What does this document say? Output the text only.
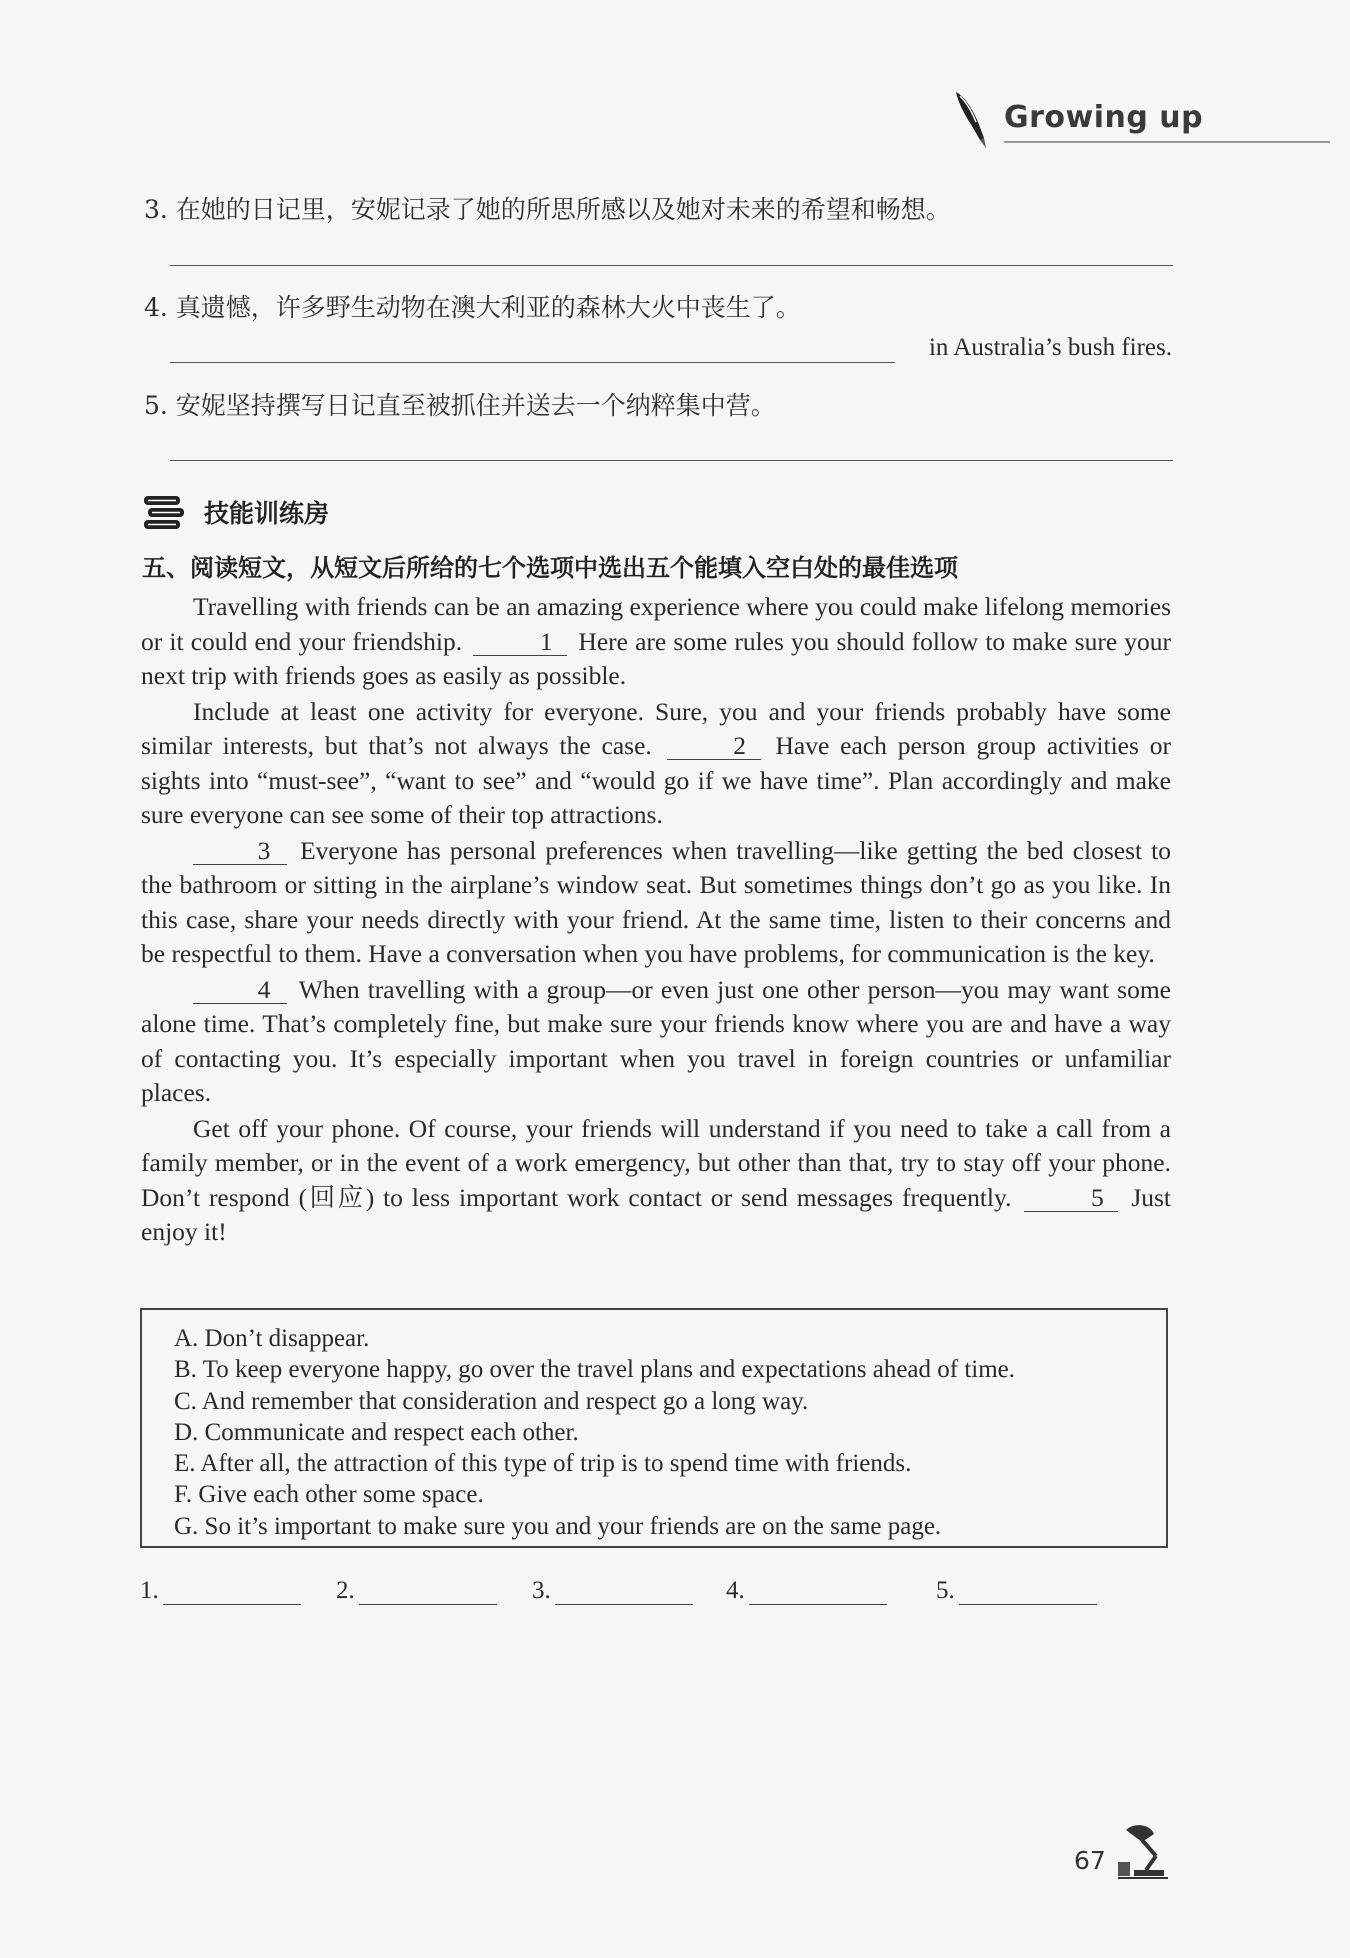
Growing up
3. 在她的日记里，安妮记录了她的所思所感以及她对未来的希望和畅想。
4. 真遗憾，许多野生动物在澳大利亚的森林大火中丧生了。
in Australia’s bush fires.
5. 安妮坚持撰写日记直至被抓住并送去一个纳粹集中营。
技能训练房
五、阅读短文，从短文后所给的七个选项中选出五个能填入空白处的最佳选项

Travelling with friends can be an amazing experience where you could make lifelong memories or it could end your friendship.	1 Here are some rules you should follow to make sure your next trip with friends goes as easily as possible.

Include at least one activity for everyone. Sure, you and your friends probably have some similar interests, but that’s not always the case.	2 Have each person group activities or sights into “must-see”, “want to see” and “would go if we have time”. Plan accordingly and make sure everyone can see some of their top attractions.

3 Everyone has personal preferences when travelling—like getting the bed closest to the bathroom or sitting in the airplane’s window seat. But sometimes things don’t go as you like. In this case, share your needs directly with your friend. At the same time, listen to their concerns and be respectful to them. Have a conversation when you have problems, for communication is the key.

4 When travelling with a group—or even just one other person—you may want some alone time. That’s completely fine, but make sure your friends know where you are and have a way of contacting you. It’s especially important when you travel in foreign countries or unfamiliar places.

Get off your phone. Of course, your friends will understand if you need to take a call from a family member, or in the event of a work emergency, but other than that, try to stay off your phone. Don’t respond (回应) to less important work contact or send messages frequently.	5 Just enjoy it!

A. Don’t disappear.
B. To keep everyone happy, go over the travel plans and expectations ahead of time.
C. And remember that consideration and respect go a long way.
D. Communicate and respect each other.
E. After all, the attraction of this type of trip is to spend time with friends.
F. Give each other some space.
G. So it’s important to make sure you and your friends are on the same page.
1.	2.	3.	4.	5.
67
